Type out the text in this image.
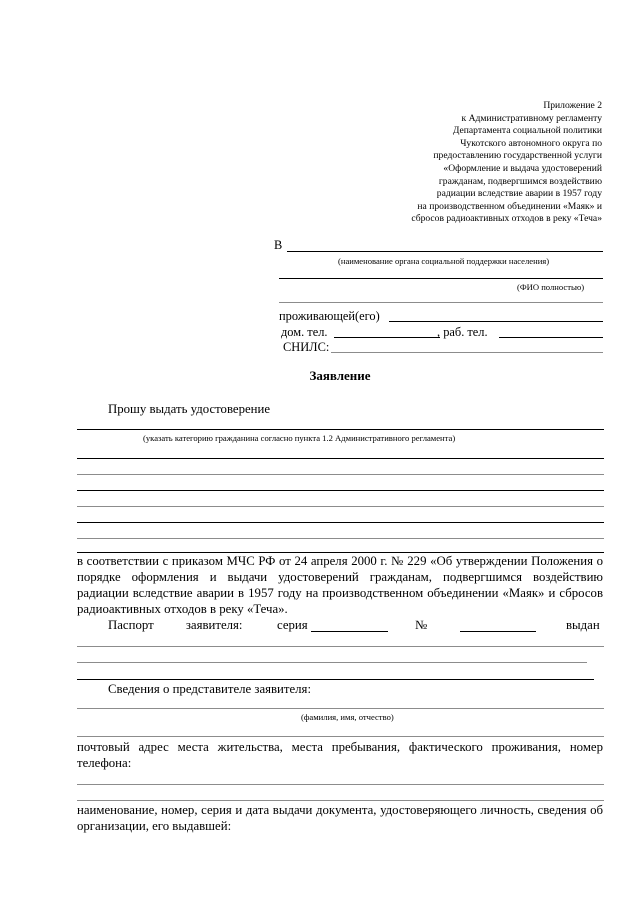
Приложение 2
к Административному регламенту
Департамента социальной политики
Чукотского автономного округа по
предоставлению государственной услуги
«Оформление и выдача удостоверений
гражданам, подвергшимся воздействию
радиации вследствие аварии в 1957 году
на производственном объединении «Маяк» и
сбросов радиоактивных отходов в реку «Теча»
В
(наименование органа социальной поддержки населения)
(ФИО полностью)
проживающей(его)
дом. тел.	, раб. тел.
СНИЛС:
Заявление
Прошу выдать удостоверение
(указать категорию гражданина согласно пункта 1.2 Административного регламента)
в соответствии с приказом МЧС РФ от 24 апреля 2000 г. № 229 «Об утверждении Положения о порядке оформления и выдачи удостоверений гражданам, подвергшимся воздействию радиации вследствие аварии в 1957 году на производственном объединении «Маяк» и сбросов радиоактивных отходов в реку «Теча».
Паспорт заявителя:	серия	№	выдан
Сведения о представителе заявителя:
(фамилия, имя, отчество)
почтовый адрес места жительства, места пребывания, фактического проживания, номер телефона:
наименование, номер, серия и дата выдачи документа, удостоверяющего личность, сведения об организации, его выдавшей:
